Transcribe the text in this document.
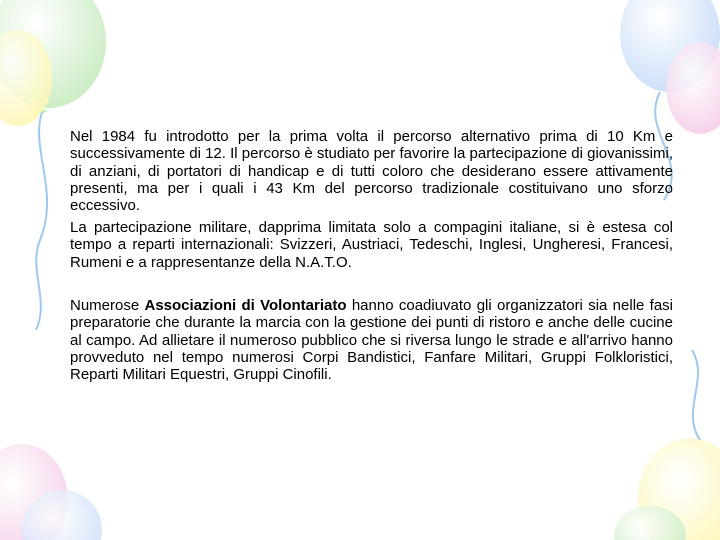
Nel 1984 fu introdotto per la prima volta il percorso alternativo prima di 10 Km e successivamente di 12. Il percorso è studiato per favorire la partecipazione di giovanissimi, di anziani, di portatori di handicap e di tutti coloro che desiderano essere attivamente presenti, ma per i quali i 43 Km del percorso tradizionale costituivano uno sforzo eccessivo.

La partecipazione militare, dapprima limitata solo a compagini italiane, si è estesa col tempo a reparti internazionali: Svizzeri, Austriaci, Tedeschi, Inglesi, Ungheresi, Francesi, Rumeni e a rappresentanze della N.A.T.O.

Numerose Associazioni di Volontariato hanno coadiuvato gli organizzatori sia nelle fasi preparatorie che durante la marcia con la gestione dei punti di ristoro e anche delle cucine al campo. Ad allietare il numeroso pubblico che si riversa lungo le strade e all'arrivo hanno provveduto nel tempo numerosi Corpi Bandistici, Fanfare Militari, Gruppi Folkloristici, Reparti Militari Equestri, Gruppi Cinofili.
